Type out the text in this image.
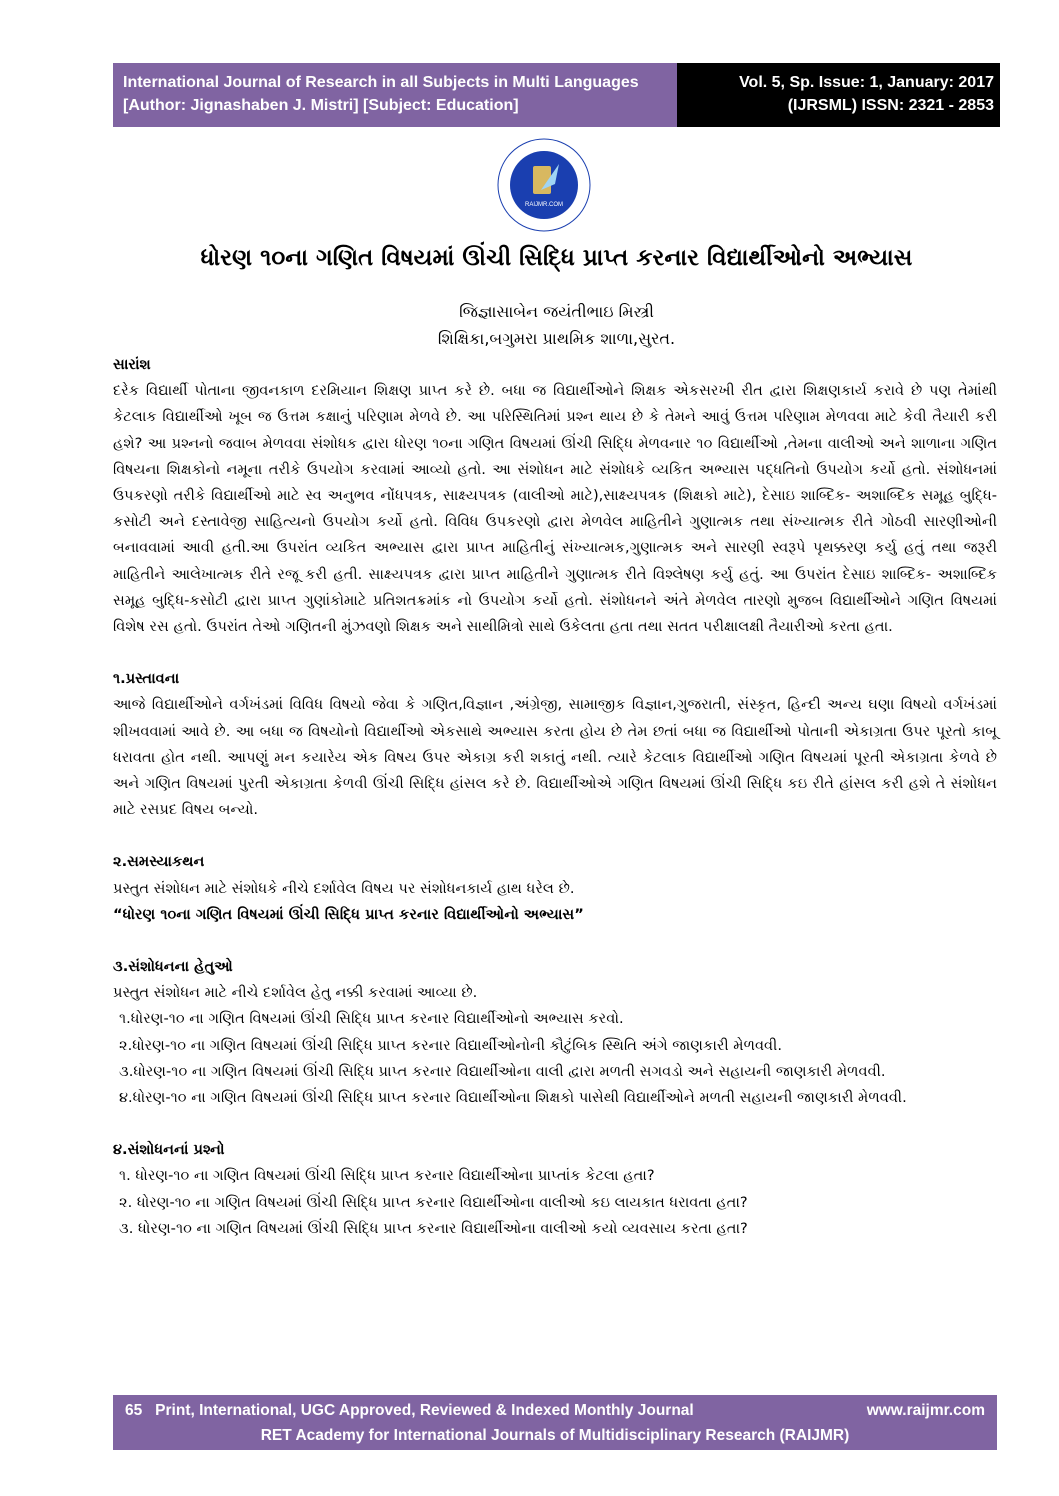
International Journal of Research in all Subjects in Multi Languages
[Author: Jignashaben J. Mistri] [Subject: Education]
Vol. 5, Sp. Issue: 1, January: 2017
(IJRSML) ISSN: 2321 - 2853
RAIJMR.COM
ધોરણ ૧૦ના ગણિત વિષયમાં ઊંચી સિદ્ધિ પ્રાપ્ત કરનાર વિદ્યાર્થીઓનો અભ્યાસ
જિજ્ઞાસાબેન જયંતીભાઇ મિસ્ત્રી
શિક્ષિકા,બગુમરા પ્રાથમિક શાળા,સુરત.

સારાંશ

દરેક વિદ્યાર્થી પોતાના જીવનકાળ દરમિયાન શિક્ષણ પ્રાપ્ત કરે છે. બધા જ વિદ્યાર્થીઓને શિક્ષક એકસરખી રીત દ્વારા શિક્ષણકાર્ય કરાવે છે પણ તેમાંથી કેટલાક વિદ્યાર્થીઓ ખૂબ જ ઉત્તમ કક્ષાનું પરિણામ મેળવે છે. આ પરિસ્થિતિમાં પ્રશ્ન થાય છે કે તેમને આવું ઉત્તમ પરિણામ મેળવવા માટે કેવી તૈયારી કરી હશે? આ પ્રશ્નનો જવાબ મેળવવા સંશોધક દ્વારા ધોરણ ૧૦ના ગણિત વિષયમાં ઊંચી સિદ્ધિ મેળવનાર ૧૦ વિદ્યાર્થીઓ ,તેમના વાલીઓ અને શાળાના ગણિત વિષયના શિક્ષકોનો નમૂના તરીકે ઉપયોગ કરવામાં આવ્યો હતો. આ સંશોધન માટે સંશોધકે વ્યકિત અભ્યાસ પદ્ધતિનો ઉપયોગ કર્યો હતો. સંશોધનમાં ઉપકરણો તરીકે વિદ્યાર્થીઓ માટે સ્વ અનુભવ નોંધપત્રક, સાક્ષ્યપત્રક (વાલીઓ માટે),સાક્ષ્યપત્રક (શિક્ષકો માટે), દેસાઇ શાબ્દિક- અશાબ્દિક સમૂહ બુદ્ધિ-કસોટી અને દસ્તાવેજી સાહિત્યનો ઉપયોગ કર્યો હતો. વિવિધ ઉપકરણો દ્વારા મેળવેલ માહિતીને ગુણાત્મક તથા સંખ્યાત્મક રીતે ગોઠવી સારણીઓની બનાવવામાં આવી હતી.આ ઉપરાંત વ્યકિત અભ્યાસ દ્વારા પ્રાપ્ત માહિતીનું સંખ્યાત્મક,ગુણાત્મક અને સારણી સ્વરૂપે પૃથક્કરણ કર્યુ હતું તથા જરૂરી માહિતીને આલેખાત્મક રીતે રજૂ કરી હતી. સાક્ષ્યપત્રક દ્વારા પ્રાપ્ત માહિતીને ગુણાત્મક રીતે વિશ્લેષણ કર્યુ હતું. આ ઉપરાંત દેસાઇ શાબ્દિક- અશાબ્દિક સમૂહ બુદ્ધિ-કસોટી દ્વારા પ્રાપ્ત ગુણાંકોમાટે પ્રતિશતક્રમાંક નો ઉપયોગ કર્યો હતો. સંશોધનને અંતે મેળવેલ તારણો મુજબ વિદ્યાર્થીઓને ગણિત વિષયમાં વિશેષ રસ હતો. ઉપરાંત તેઓ ગણિતની મુંઝવણો શિક્ષક અને સાથીમિત્રો સાથે ઉકેલતા હતા તથા સતત પરીક્ષાલક્ષી તૈયારીઓ કરતા હતા.

૧.પ્રસ્તાવના

આજે વિદ્યાર્થીઓને વર્ગખંડમાં વિવિધ વિષયો જેવા કે ગણિત,વિજ્ઞાન ,અંગ્રેજી, સામાજીક વિજ્ઞાન,ગુજરાતી, સંસ્કૃત, હિન્દી અન્ય ઘણા વિષયો વર્ગખંડમાં શીખવવામાં આવે છે. આ બધા જ વિષયોનો વિદ્યાર્થીઓ એકસાથે અભ્યાસ કરતા હોય છે તેમ છતાં બધા જ વિદ્યાર્થીઓ પોતાની એકાગ્રતા ઉપર પૂરતો કાબૂ ધરાવતા હોત નથી. આપણું મન કયારેય એક વિષય ઉપર એકાગ્ર કરી શકાતું નથી. ત્યારે કેટલાક વિદ્યાર્થીઓ ગણિત વિષયમાં પૂરતી એકાગ્રતા કેળવે છે અને ગણિત વિષયમાં પુરતી એકાગ્રતા કેળવી ઊંચી સિદ્ધિ હાંસલ કરે છે. વિદ્યાર્થીઓએ ગણિત વિષયમાં ઊંચી સિદ્ધિ કઇ રીતે હાંસલ કરી હશે તે સંશોધન માટે રસપ્રદ વિષય બન્યો.

૨.સમસ્યાકથન

પ્રસ્તુત સંશોધન માટે સંશોધકે નીચે દર્શાવેલ વિષય પર સંશોધનકાર્ય હાથ ધરેલ છે.

“ધોરણ ૧૦ના ગણિત વિષયમાં ઊંચી સિદ્ધિ પ્રાપ્ત કરનાર વિદ્યાર્થીઓનો અભ્યાસ”

૩.સંશોધનના હેતુઓ

પ્રસ્તુત સંશોધન માટે નીચે દર્શાવેલ હેતુ નક્કી કરવામાં આવ્યા છે.

૧.ધોરણ-૧૦ ના ગણિત વિષયમાં ઊંચી સિદ્ધિ પ્રાપ્ત કરનાર વિદ્યાર્થીઓનો અભ્યાસ કરવો.

૨.ધોરણ-૧૦ ના ગણિત વિષયમાં ઊંચી સિદ્ધિ પ્રાપ્ત કરનાર વિદ્યાર્થીઓનોની કૌટુંબિક સ્થિતિ અંગે જાણકારી મેળવવી.

૩.ધોરણ-૧૦ ના ગણિત વિષયમાં ઊંચી સિદ્ધિ પ્રાપ્ત કરનાર વિદ્યાર્થીઓના વાલી દ્વારા મળતી સગવડો અને સહાયની જાણકારી મેળવવી.

૪.ધોરણ-૧૦ ના ગણિત વિષયમાં ઊંચી સિદ્ધિ પ્રાપ્ત કરનાર વિદ્યાર્થીઓના શિક્ષકો પાસેથી વિદ્યાર્થીઓને મળતી સહાયની જાણકારી મેળવવી.

૪.સંશોધનનાં પ્રશ્નો

૧. ધોરણ-૧૦ ના ગણિત વિષયમાં ઊંચી સિદ્ધિ પ્રાપ્ત કરનાર વિદ્યાર્થીઓના પ્રાપ્તાંક કેટલા હતા?

૨. ધોરણ-૧૦ ના ગણિત વિષયમાં ઊંચી સિદ્ધિ પ્રાપ્ત કરનાર વિદ્યાર્થીઓના વાલીઓ કઇ લાયકાત ધરાવતા હતા?

૩. ધોરણ-૧૦ ના ગણિત વિષયમાં ઊંચી સિદ્ધિ પ્રાપ્ત કરનાર વિદ્યાર્થીઓના વાલીઓ કયો વ્યવસાય કરતા હતા?

65 Print, International, UGC Approved, Reviewed & Indexed Monthly Journal	www.raijmr.com
RET Academy for International Journals of Multidisciplinary Research (RAIJMR)
